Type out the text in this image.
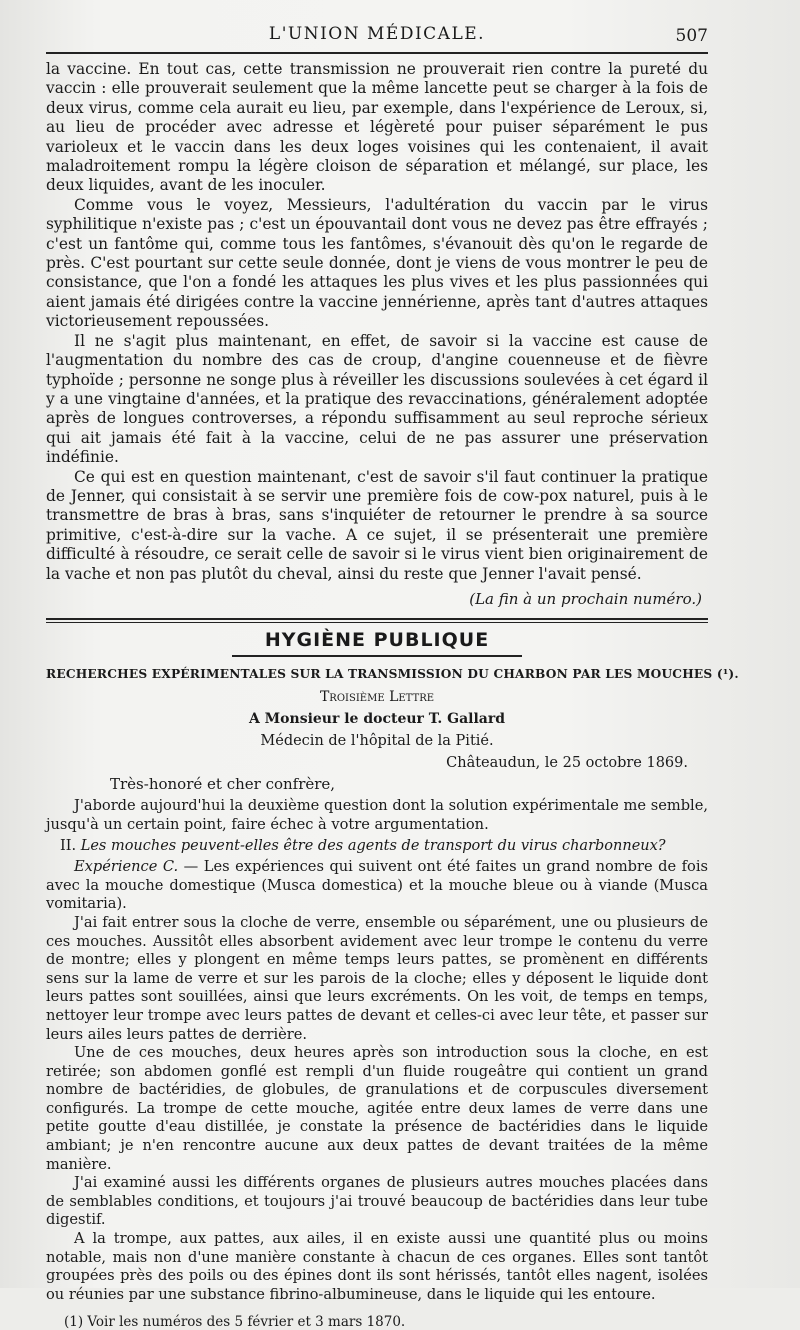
L'UNION MÉDICALE.	507

la vaccine. En tout cas, cette transmission ne prouverait rien contre la pureté du vaccin : elle prouverait seulement que la même lancette peut se charger à la fois de deux virus, comme cela aurait eu lieu, par exemple, dans l'expérience de Leroux, si, au lieu de procéder avec adresse et légèreté pour puiser séparément le pus varioleux et le vaccin dans les deux loges voisines qui les contenaient, il avait maladroitement rompu la légère cloison de séparation et mélangé, sur place, les deux liquides, avant de les inoculer.

Comme vous le voyez, Messieurs, l'adultération du vaccin par le virus syphilitique n'existe pas ; c'est un épouvantail dont vous ne devez pas être effrayés ; c'est un fantôme qui, comme tous les fantômes, s'évanouit dès qu'on le regarde de près. C'est pourtant sur cette seule donnée, dont je viens de vous montrer le peu de consistance, que l'on a fondé les attaques les plus vives et les plus passionnées qui aient jamais été dirigées contre la vaccine jennérienne, après tant d'autres attaques victorieusement repoussées.

Il ne s'agit plus maintenant, en effet, de savoir si la vaccine est cause de l'augmentation du nombre des cas de croup, d'angine couenneuse et de fièvre typhoïde ; personne ne songe plus à réveiller les discussions soulevées à cet égard il y a une vingtaine d'années, et la pratique des revaccinations, généralement adoptée après de longues controverses, a répondu suffisamment au seul reproche sérieux qui ait jamais été fait à la vaccine, celui de ne pas assurer une préservation indéfinie.

Ce qui est en question maintenant, c'est de savoir s'il faut continuer la pratique de Jenner, qui consistait à se servir une première fois de cow-pox naturel, puis à le transmettre de bras à bras, sans s'inquiéter de retourner le prendre à sa source primitive, c'est-à-dire sur la vache. A ce sujet, il se présenterait une première difficulté à résoudre, ce serait celle de savoir si le virus vient bien originairement de la vache et non pas plutôt du cheval, ainsi du reste que Jenner l'avait pensé.

(La fin à un prochain numéro.)
HYGIÈNE PUBLIQUE
RECHERCHES EXPÉRIMENTALES SUR LA TRANSMISSION DU CHARBON PAR LES MOUCHES (¹).
Troisième Lettre
A Monsieur le docteur T. Gallard
Médecin de l'hôpital de la Pitié.
Châteaudun, le 25 octobre 1869.
Très-honoré et cher confrère,

J'aborde aujourd'hui la deuxième question dont la solution expérimentale me semble, jusqu'à un certain point, faire échec à votre argumentation.

II. Les mouches peuvent-elles être des agents de transport du virus charbonneux?

Expérience C. — Les expériences qui suivent ont été faites un grand nombre de fois avec la mouche domestique (Musca domestica) et la mouche bleue ou à viande (Musca vomitaria).

J'ai fait entrer sous la cloche de verre, ensemble ou séparément, une ou plusieurs de ces mouches. Aussitôt elles absorbent avidement avec leur trompe le contenu du verre de montre; elles y plongent en même temps leurs pattes, se promènent en différents sens sur la lame de verre et sur les parois de la cloche; elles y déposent le liquide dont leurs pattes sont souillées, ainsi que leurs excréments. On les voit, de temps en temps, nettoyer leur trompe avec leurs pattes de devant et celles-ci avec leur tête, et passer sur leurs ailes leurs pattes de derrière.

Une de ces mouches, deux heures après son introduction sous la cloche, en est retirée; son abdomen gonflé est rempli d'un fluide rougeâtre qui contient un grand nombre de bactéridies, de globules, de granulations et de corpuscules diversement configurés. La trompe de cette mouche, agitée entre deux lames de verre dans une petite goutte d'eau distillée, je constate la présence de bactéridies dans le liquide ambiant; je n'en rencontre aucune aux deux pattes de devant traitées de la même manière.

J'ai examiné aussi les différents organes de plusieurs autres mouches placées dans de semblables conditions, et toujours j'ai trouvé beaucoup de bactéridies dans leur tube digestif.

A la trompe, aux pattes, aux ailes, il en existe aussi une quantité plus ou moins notable, mais non d'une manière constante à chacun de ces organes. Elles sont tantôt groupées près des poils ou des épines dont ils sont hérissés, tantôt elles nagent, isolées ou réunies par une substance fibrino-albumineuse, dans le liquide qui les entoure.

(1) Voir les numéros des 5 février et 3 mars 1870.
